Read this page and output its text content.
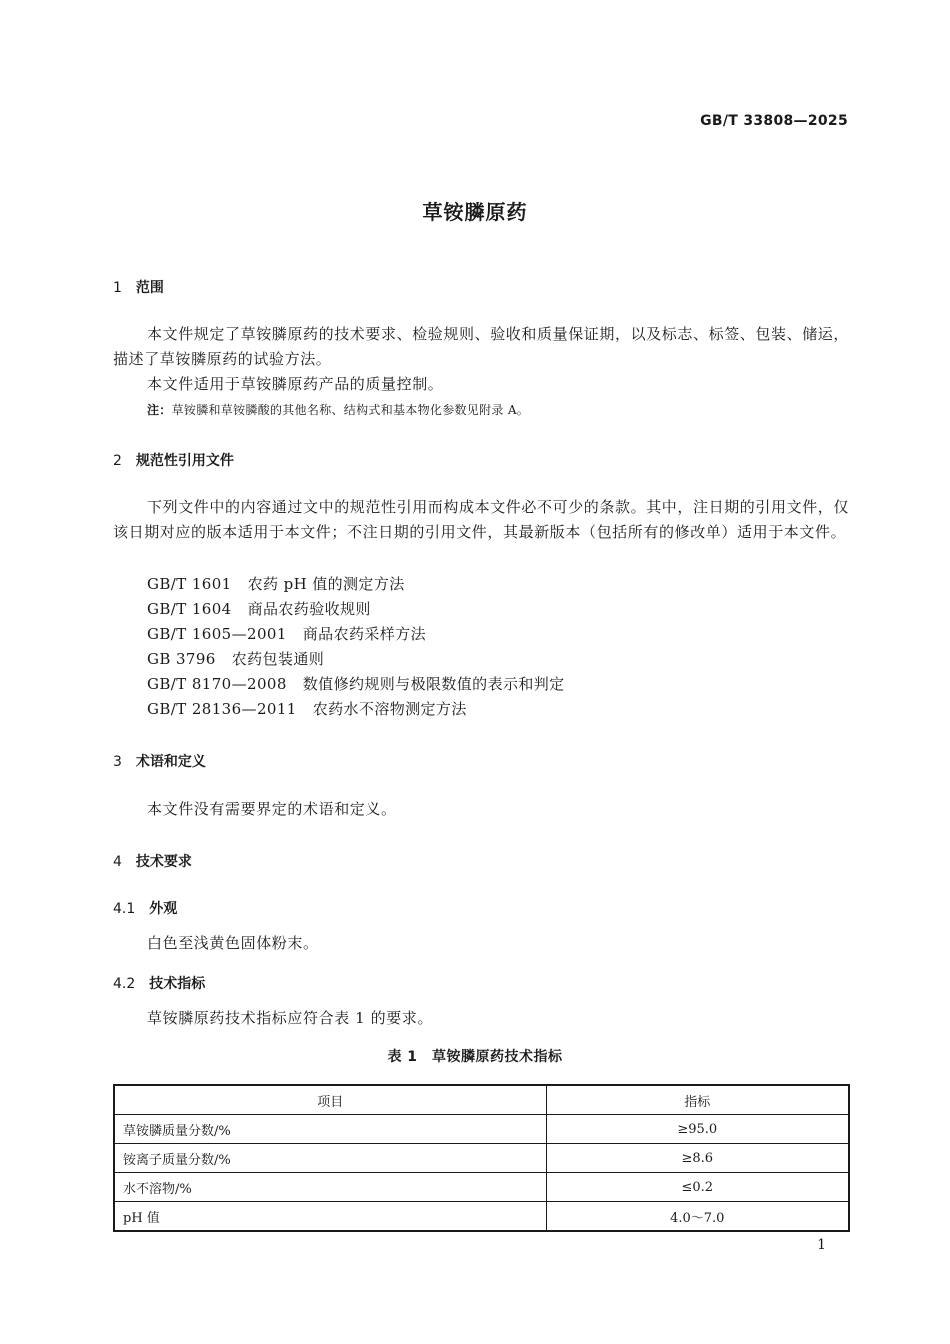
GB/T 33808—2025
草铵膦原药
1 范围

本文件规定了草铵膦原药的技术要求、检验规则、验收和质量保证期，以及标志、标签、包装、储运，描述了草铵膦原药的试验方法。

本文件适用于草铵膦原药产品的质量控制。

注：草铵膦和草铵膦酸的其他名称、结构式和基本物化参数见附录 A。
2 规范性引用文件

下列文件中的内容通过文中的规范性引用而构成本文件必不可少的条款。其中，注日期的引用文件，仅该日期对应的版本适用于本文件；不注日期的引用文件，其最新版本（包括所有的修改单）适用于本文件。

GB/T 1601 农药 pH 值的测定方法
GB/T 1604 商品农药验收规则
GB/T 1605—2001 商品农药采样方法
GB 3796 农药包装通则
GB/T 8170—2008 数值修约规则与极限数值的表示和判定
GB/T 28136—2011 农药水不溶物测定方法
3 术语和定义

本文件没有需要界定的术语和定义。

4 技术要求
4.1 外观

白色至浅黄色固体粉末。

4.2 技术指标

草铵膦原药技术指标应符合表 1 的要求。

表 1　草铵膦原药技术指标
项目	指标
草铵膦质量分数/%	≥95.0
铵离子质量分数/%	≥8.6
水不溶物/%	≤0.2
pH 值	4.0～7.0
1
